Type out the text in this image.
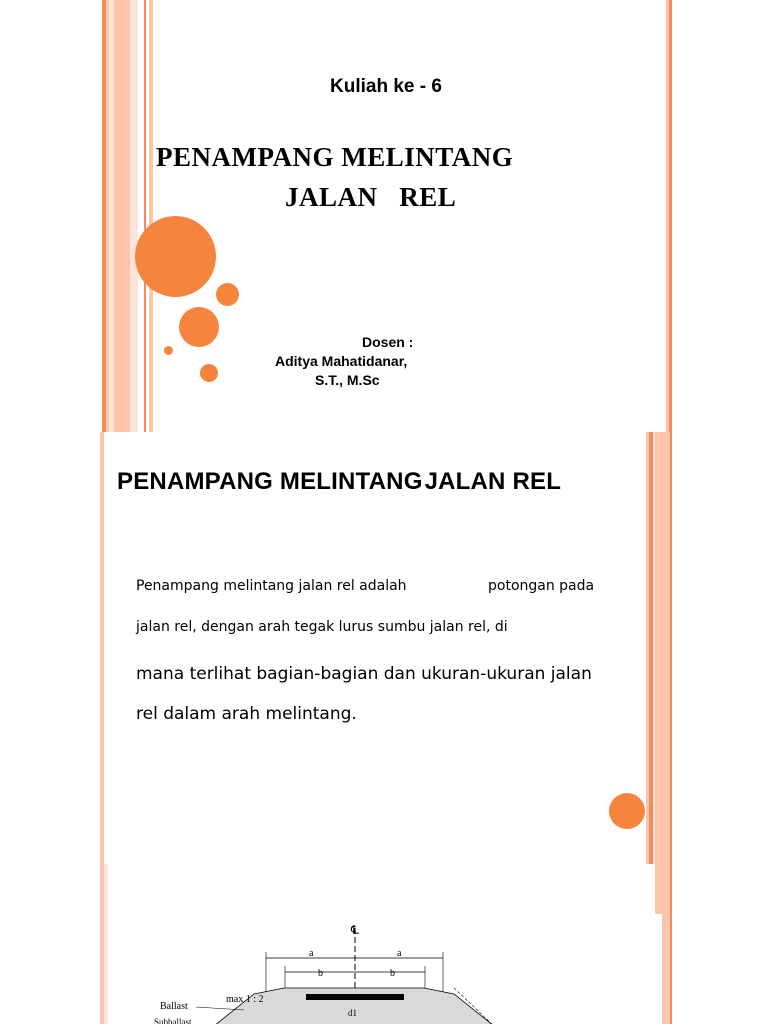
Kuliah ke - 6
PENAMPANG MELINTANG
JALAN   REL
Dosen :
Aditya Mahatidanar,
S.T., M.Sc
PENAMPANG MELINTANGJALAN REL
Penampang melintang jalan rel adalah	potongan pada
jalan rel, dengan arah tegak lurus sumbu jalan rel, di
mana terlihat bagian-bagian dan ukuran-ukuran jalan
rel dalam arah melintang.
℄
a	a
b	b
Ballast
max 1 : 2
d1
Subballast
